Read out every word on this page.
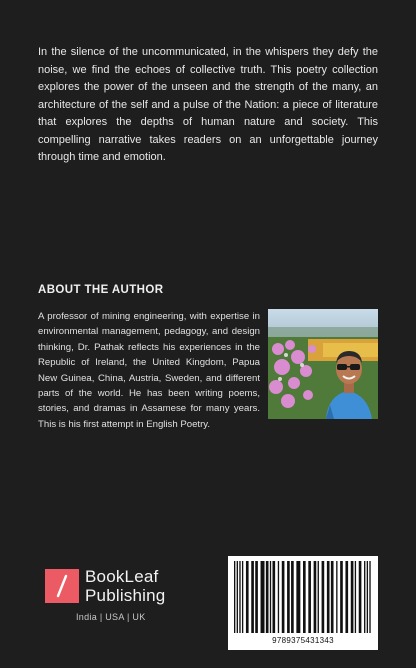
In the silence of the uncommunicated, in the whispers they defy the noise, we find the echoes of collective truth. This poetry collection explores the power of the unseen and the strength of the many, an architecture of the self and a pulse of the Nation: a piece of literature that explores the depths of human nature and society. This compelling narrative takes readers on an unforgettable journey through time and emotion.

ABOUT THE AUTHOR

A professor of mining engineering, with expertise in environmental management, pedagogy, and design thinking, Dr. Pathak reflects his experiences in the Republic of Ireland, the United Kingdom, Papua New Guinea, China, Austria, Sweden, and different parts of the world. He has been writing poems, stories, and dramas in Assamese for many years. This is his first attempt in English Poetry.

BookLeaf
Publishing
India | USA | UK
9789375431343
